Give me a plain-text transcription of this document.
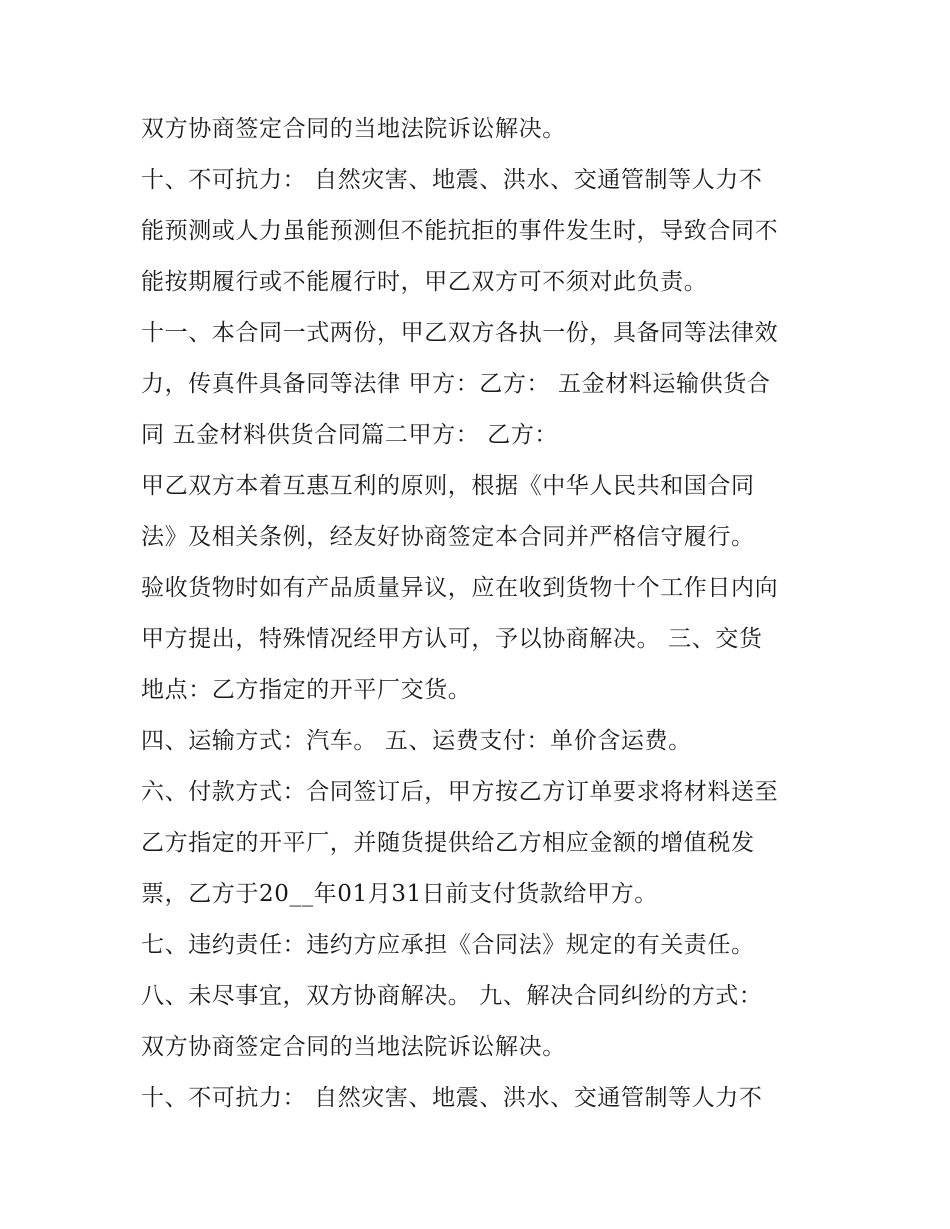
双方协商签定合同的当地法院诉讼解决。
十、不可抗力： 自然灾害、地震、洪水、交通管制等人力不
能预测或人力虽能预测但不能抗拒的事件发生时，导致合同不
能按期履行或不能履行时，甲乙双方可不须对此负责。
十一、本合同一式两份，甲乙双方各执一份，具备同等法律效
力，传真件具备同等法律 甲方：乙方： 五金材料运输供货合
同 五金材料供货合同篇二甲方： 乙方：
甲乙双方本着互惠互利的原则，根据《中华人民共和国合同
法》及相关条例，经友好协商签定本合同并严格信守履行。
验收货物时如有产品质量异议，应在收到货物十个工作日内向
甲方提出，特殊情况经甲方认可，予以协商解决。 三、交货
地点：乙方指定的开平厂交货。
四、运输方式：汽车。 五、运费支付：单价含运费。
六、付款方式：合同签订后，甲方按乙方订单要求将材料送至
乙方指定的开平厂，并随货提供给乙方相应金额的增值税发
票，乙方于20__年01月31日前支付货款给甲方。
七、违约责任：违约方应承担《合同法》规定的有关责任。
八、未尽事宜，双方协商解决。 九、解决合同纠纷的方式：
双方协商签定合同的当地法院诉讼解决。
十、不可抗力： 自然灾害、地震、洪水、交通管制等人力不
